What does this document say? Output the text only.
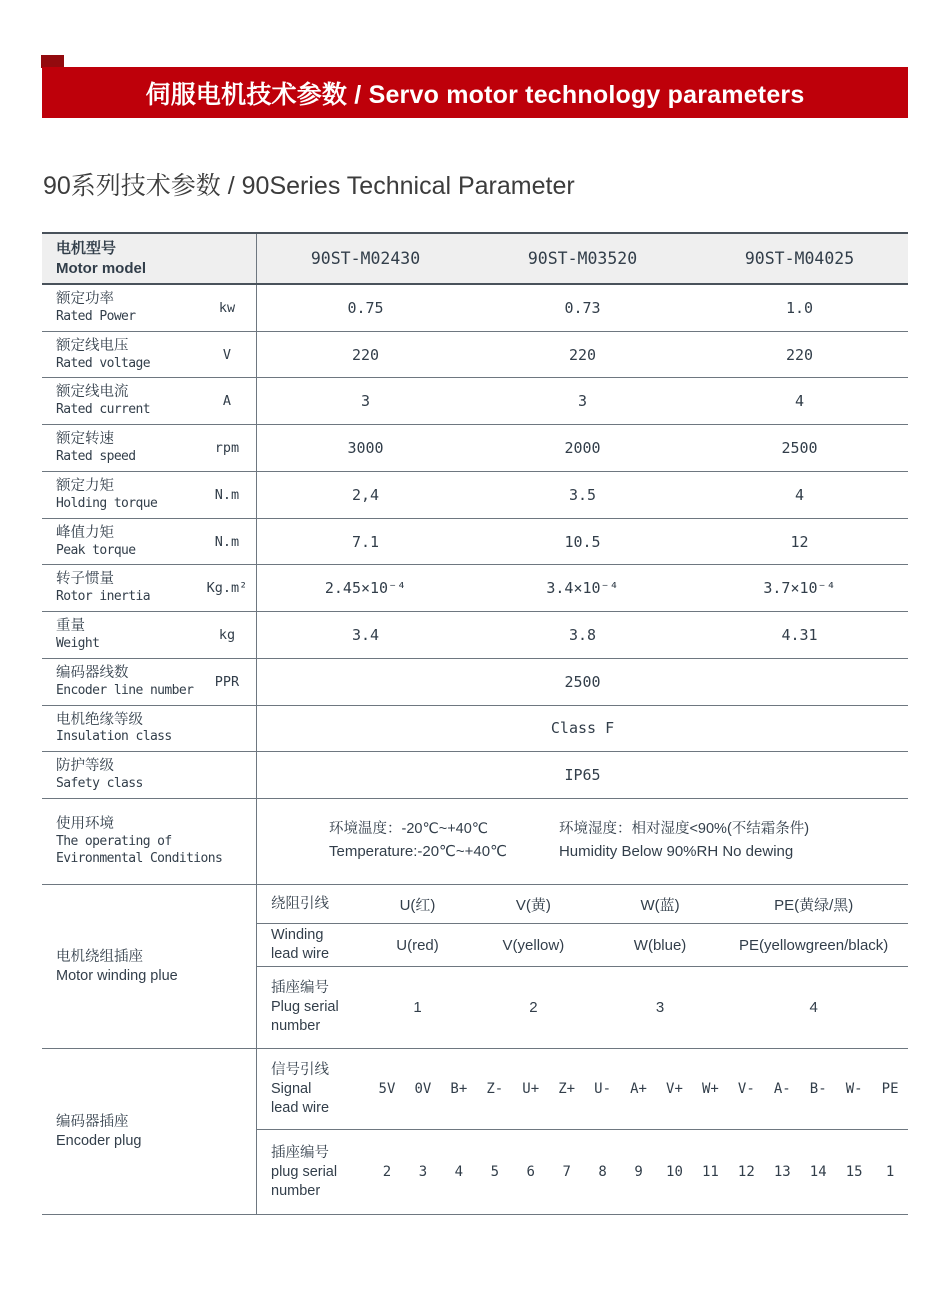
伺服电机技术参数 / Servo motor technology parameters
90系列技术参数 / 90Series Technical Parameter
电机型号
Motor model	90ST-M02430	90ST-M03520	90ST-M04025
额定功率
Rated Power
kw	0.75	0.73	1.0
额定线电压
Rated voltage
V	220	220	220
额定线电流
Rated current
A	3	3	4
额定转速
Rated speed
rpm	3000	2000	2500
额定力矩
Holding torque
N.m	2,4	3.5	4
峰值力矩
Peak torque
N.m	7.1	10.5	12
转子惯量
Rotor inertia
Kg.m²	2.45×10⁻⁴	3.4×10⁻⁴	3.7×10⁻⁴
重量
Weight
kg	3.4	3.8	4.31
编码器线数
Encoder line number
PPR	2500
电机绝缘等级
Insulation class	Class F
防护等级
Safety class	IP65
使用环境
The operating of
Evironmental Conditions
环境温度：-20℃~+40℃
Temperature:-20℃~+40℃
环境湿度：相对湿度<90%(不结霜条件)
Humidity Below 90%RH No dewing
电机绕组插座
Motor winding plue
绕阻引线	U(红)	V(黄)	W(蓝)	PE(黄绿/黑)
Winding
lead wire
U(red)	V(yellow)	W(blue)	PE(yellowgreen/black)
插座编号
Plug serial
number
1	2	3	4
编码器插座
Encoder plug
信号引线
Signal
lead wire
5V	0V	B+	Z-	U+	Z+	U-	A+	V+	W+	V-	A-	B-	W-	PE
插座编号
plug serial
number
2	3	4	5	6	7	8	9	10	11	12	13	14	15	1
